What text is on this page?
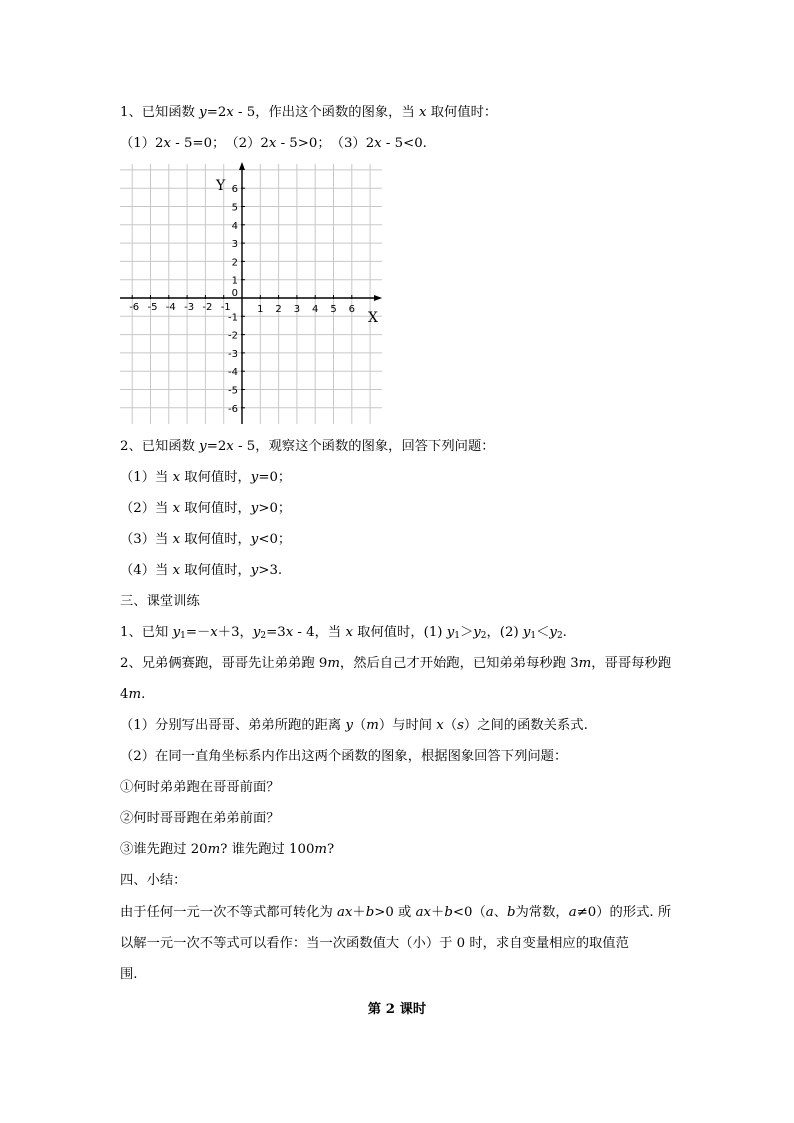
1、已知函数 y=2x - 5，作出这个函数的图象，当 x 取何值时：
（1）2x - 5=0；　（2）2x - 5>0；　（3）2x - 5<0.
-6 -5 -4 -3 -2 -1	1 2 3 4 5 6
6
5
4
3
2
1
0
-1
-2
-3
-4
-5
-6
Y
X
2、已知函数 y=2x - 5，观察这个函数的图象，回答下列问题：
（1）当 x 取何值时，y=0；
（2）当 x 取何值时，y>0；
（3）当 x 取何值时，y<0；
（4）当 x 取何值时，y>3.
三、课堂训练
1、已知 $y_1=-x+3$，$y_2=3x - 4$，当 x 取何值时，(1) $y_1>y_2$，(2) $y_1<y_2$.
2、兄弟俩赛跑，哥哥先让弟弟跑 9m，然后自己才开始跑，已知弟弟每秒跑 3m，哥哥每秒跑
4m.
（1）分别写出哥哥、弟弟所跑的距离 y（m）与时间 x（s）之间的函数关系式.
（2）在同一直角坐标系内作出这两个函数的图象，根据图象回答下列问题：
①何时弟弟跑在哥哥前面？
②何时哥哥跑在弟弟前面？
③谁先跑过 20m? 谁先跑过 100m?
四、小结：
由于任何一元一次不等式都可转化为 ax＋b>0 或 ax＋b<0（a、b为常数，a≠0）的形式. 所
以解一元一次不等式可以看作：当一次函数值大（小）于 0 时，求自变量相应的取值范
围.
第 2 课时
